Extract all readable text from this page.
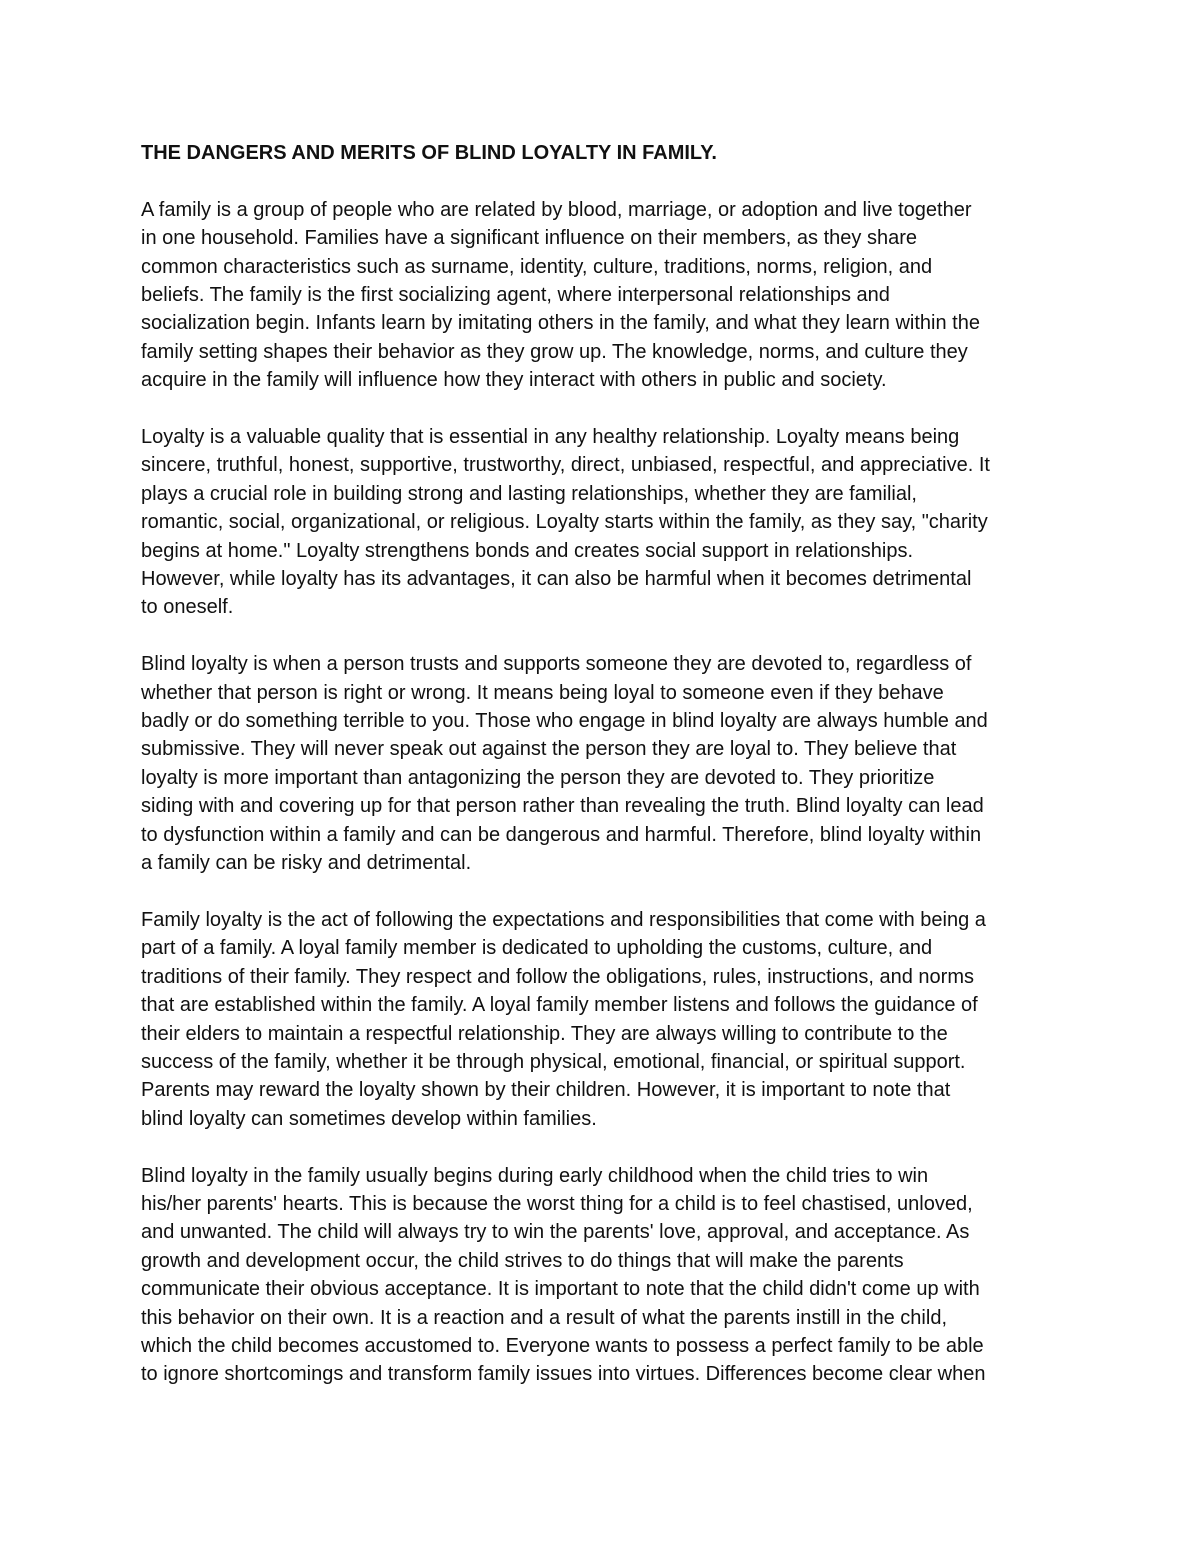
THE DANGERS AND MERITS OF BLIND LOYALTY IN FAMILY.
A family is a group of people who are related by blood, marriage, or adoption and live together
in one household. Families have a significant influence on their members, as they share
common characteristics such as surname, identity, culture, traditions, norms, religion, and
beliefs. The family is the first socializing agent, where interpersonal relationships and
socialization begin. Infants learn by imitating others in the family, and what they learn within the
family setting shapes their behavior as they grow up. The knowledge, norms, and culture they
acquire in the family will influence how they interact with others in public and society.
Loyalty is a valuable quality that is essential in any healthy relationship. Loyalty means being
sincere, truthful, honest, supportive, trustworthy, direct, unbiased, respectful, and appreciative. It
plays a crucial role in building strong and lasting relationships, whether they are familial,
romantic, social, organizational, or religious. Loyalty starts within the family, as they say, "charity
begins at home." Loyalty strengthens bonds and creates social support in relationships.
However, while loyalty has its advantages, it can also be harmful when it becomes detrimental
to oneself.
Blind loyalty is when a person trusts and supports someone they are devoted to, regardless of
whether that person is right or wrong. It means being loyal to someone even if they behave
badly or do something terrible to you. Those who engage in blind loyalty are always humble and
submissive. They will never speak out against the person they are loyal to. They believe that
loyalty is more important than antagonizing the person they are devoted to. They prioritize
siding with and covering up for that person rather than revealing the truth. Blind loyalty can lead
to dysfunction within a family and can be dangerous and harmful. Therefore, blind loyalty within
a family can be risky and detrimental.
Family loyalty is the act of following the expectations and responsibilities that come with being a
part of a family. A loyal family member is dedicated to upholding the customs, culture, and
traditions of their family. They respect and follow the obligations, rules, instructions, and norms
that are established within the family. A loyal family member listens and follows the guidance of
their elders to maintain a respectful relationship. They are always willing to contribute to the
success of the family, whether it be through physical, emotional, financial, or spiritual support.
Parents may reward the loyalty shown by their children. However, it is important to note that
blind loyalty can sometimes develop within families.
Blind loyalty in the family usually begins during early childhood when the child tries to win
his/her parents' hearts. This is because the worst thing for a child is to feel chastised, unloved,
and unwanted. The child will always try to win the parents' love, approval, and acceptance. As
growth and development occur, the child strives to do things that will make the parents
communicate their obvious acceptance. It is important to note that the child didn't come up with
this behavior on their own. It is a reaction and a result of what the parents instill in the child,
which the child becomes accustomed to. Everyone wants to possess a perfect family to be able
to ignore shortcomings and transform family issues into virtues. Differences become clear when
